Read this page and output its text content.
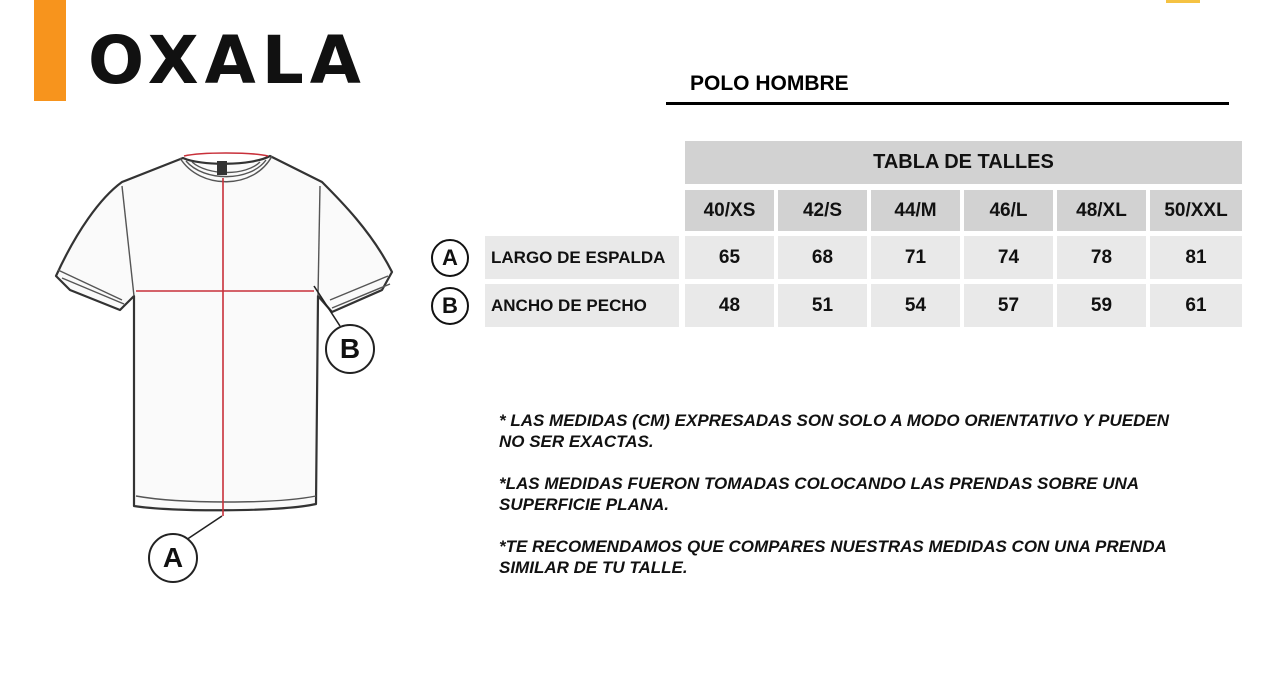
OXALA	POLO HOMBRE
B
A
TABLA DE TALLES
40/XS	42/S	44/M	46/L	48/XL	50/XXL
A	LARGO DE ESPALDA	65	68	71	74	78	81
B	ANCHO DE PECHO	48	51	54	57	59	61

* LAS MEDIDAS (CM) EXPRESADAS SON SOLO A MODO ORIENTATIVO Y PUEDEN
NO SER EXACTAS.

*LAS MEDIDAS FUERON TOMADAS COLOCANDO LAS PRENDAS SOBRE UNA
SUPERFICIE PLANA.

*TE RECOMENDAMOS QUE COMPARES NUESTRAS MEDIDAS CON UNA PRENDA
SIMILAR DE TU TALLE.
